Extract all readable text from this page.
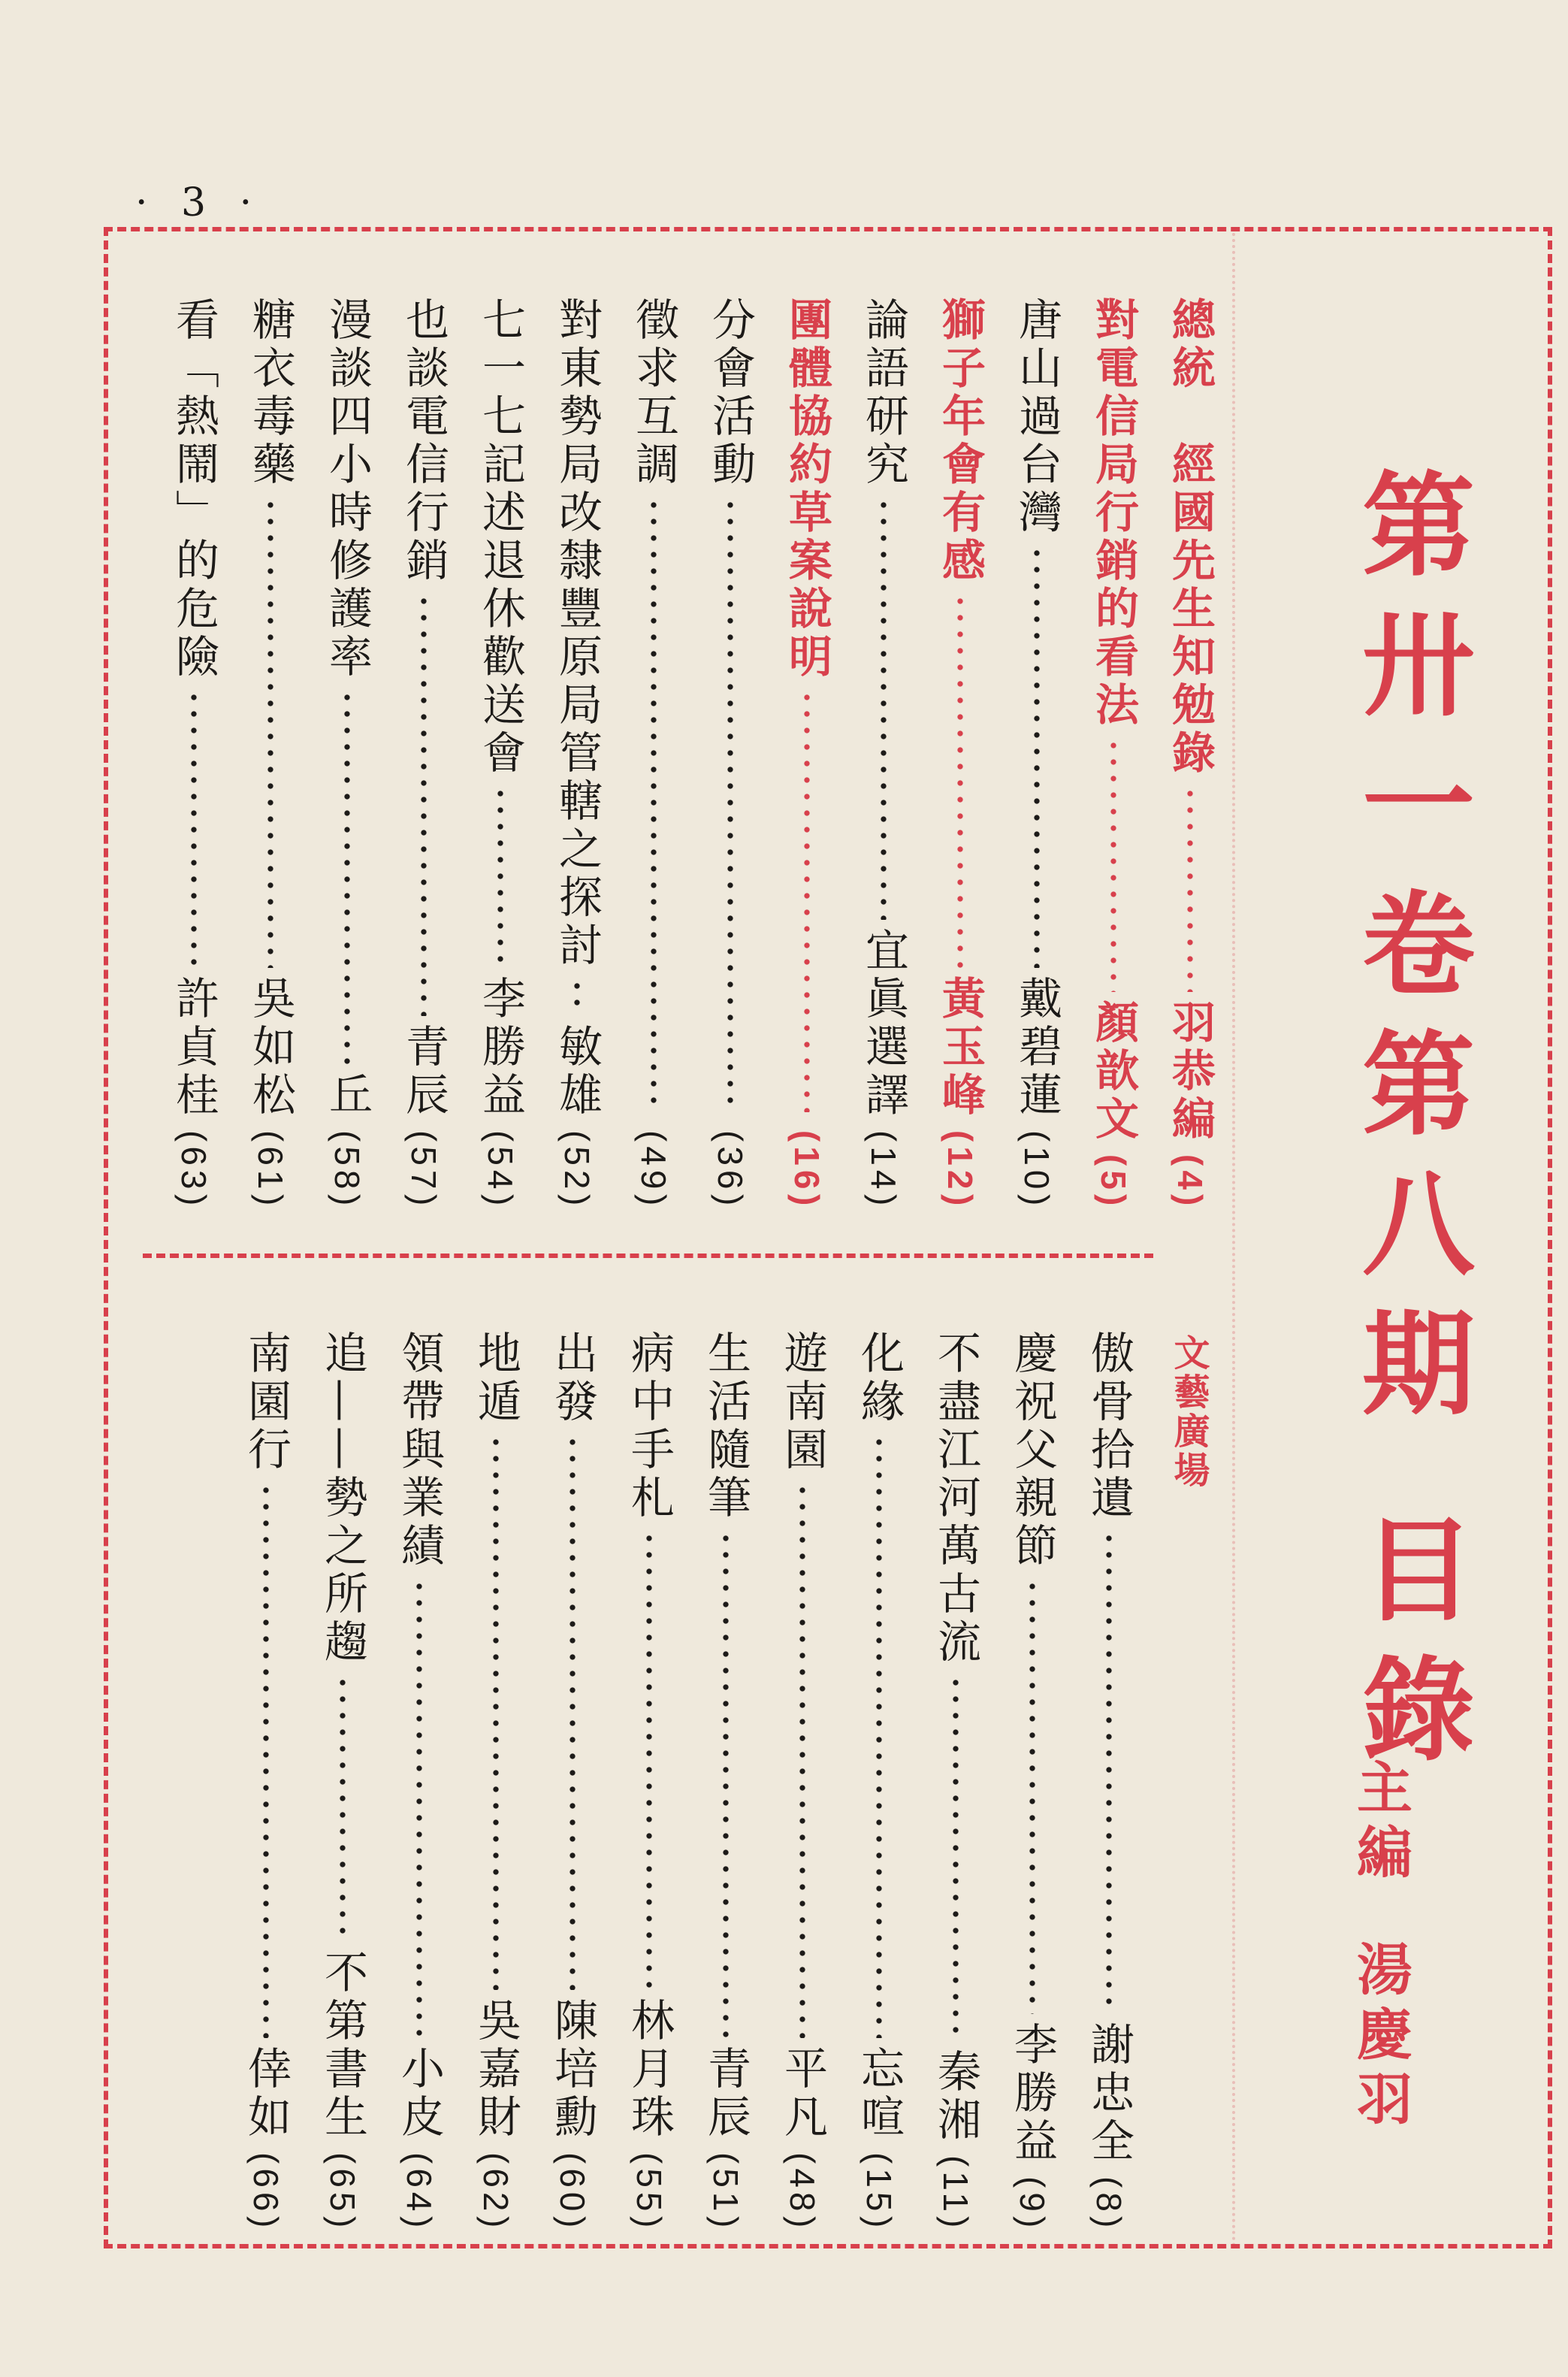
· 3 ·
第卅一卷第八期 目錄
主編湯慶羽
文藝廣場
總統　經國先生知勉錄
羽恭編
( 4 )
對電信局行銷的看法
顏歆文
( 5 )
唐山過台灣
戴碧蓮
( 10 )
獅子年會有感
黃玉峰
( 12 )
論語研究
宜眞選譯
( 14 )
團體協約草案說明
( 16 )
分會活動
( 36 )
徵求互調
( 49 )
對東勢局改隸豐原局管轄之探討
敏雄
( 52 )
七一七記述退休歡送會
李勝益
( 54 )
也談電信行銷
青辰
( 57 )
漫談四小時修護率
丘
( 58 )
糖衣毒藥
吳如松
( 61 )
看「熱鬧」的危險
許貞桂
( 63 )
傲骨拾遺
謝忠全
( 8 )
慶祝父親節
李勝益
( 9 )
不盡江河萬古流
秦湘
( 11 )
化緣
忘喧
( 15 )
遊南園
平凡
( 48 )
生活隨筆
青辰
( 51 )
病中手札
林月珠
( 55 )
出發
陳培勳
( 60 )
地遁
吳嘉財
( 62 )
領帶與業績
小皮
( 64 )
追——勢之所趨
不第書生
( 65 )
南園行
倖如
( 66 )
